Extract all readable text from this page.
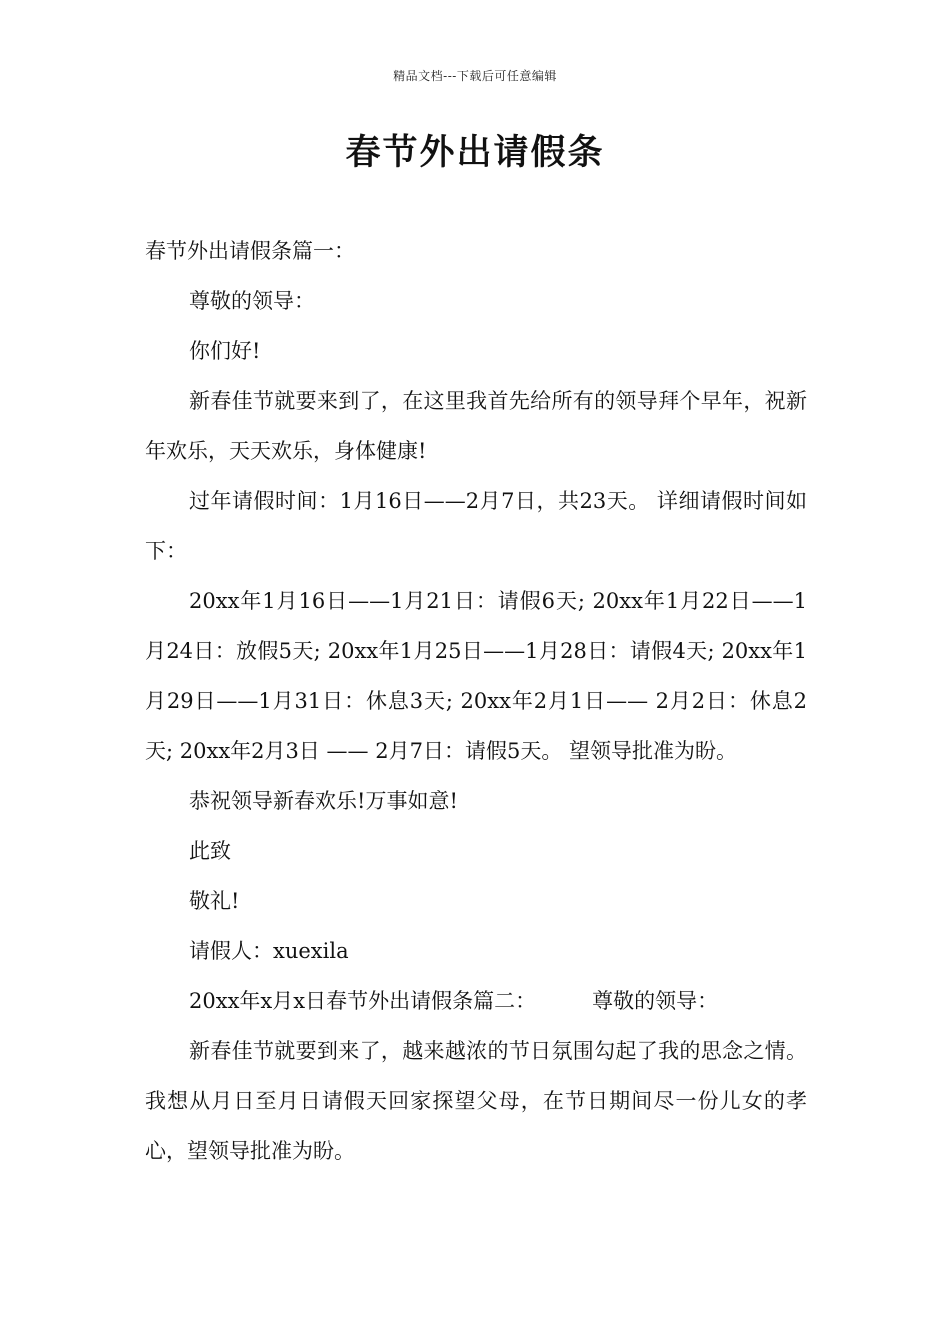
精品文档---下载后可任意编辑
春节外出请假条

春节外出请假条篇一：

尊敬的领导：

你们好!

新春佳节就要来到了，在这里我首先给所有的领导拜个早年，祝新年欢乐，天天欢乐，身体健康!

过年请假时间：1月16日——2月7日，共23天。 详细请假时间如下：

20xx年1月16日——1月21日：请假6天; 20xx年1月22日——1月24日：放假5天; 20xx年1月25日——1月28日：请假4天; 20xx年1月29日——1月31日：休息3天; 20xx年2月1日—— 2月2日：休息2天; 20xx年2月3日 —— 2月7日：请假5天。 望领导批准为盼。

恭祝领导新春欢乐!万事如意!

此致

敬礼!

请假人：xuexila

20xx年x月x日春节外出请假条篇二：	尊敬的领导：

新春佳节就要到来了，越来越浓的节日氛围勾起了我的思念之情。我想从月日至月日请假天回家探望父母，在节日期间尽一份儿女的孝心，望领导批准为盼。
